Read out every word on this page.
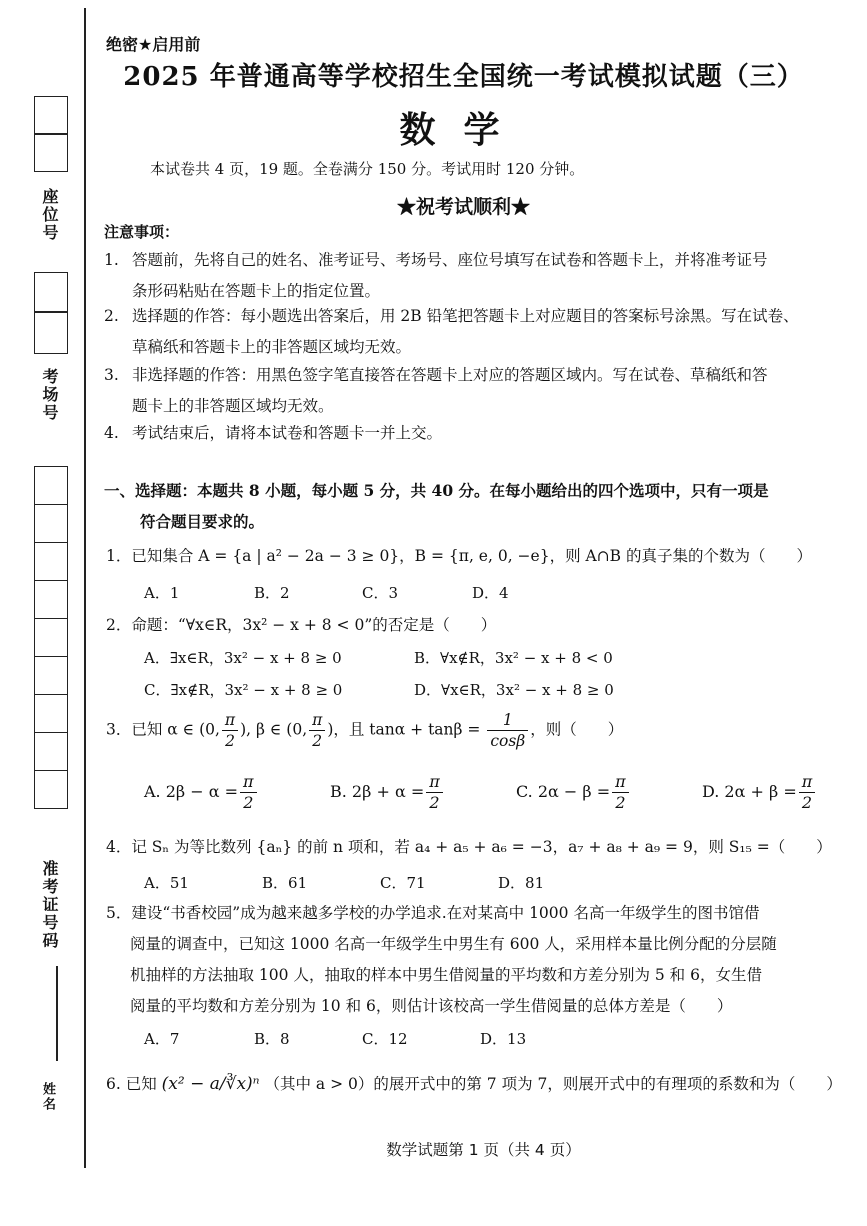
座位号
考场号
准考证号码
姓名
绝密★启用前
2025 年普通高等学校招生全国统一考试模拟试题（三）
数学
本试卷共 4 页，19 题。全卷满分 150 分。考试用时 120 分钟。
★祝考试顺利★
注意事项：
1. 答题前，先将自己的姓名、准考证号、考场号、座位号填写在试卷和答题卡上，并将准考证号
条形码粘贴在答题卡上的指定位置。
2. 选择题的作答：每小题选出答案后，用 2B 铅笔把答题卡上对应题目的答案标号涂黑。写在试卷、
草稿纸和答题卡上的非答题区域均无效。
3. 非选择题的作答：用黑色签字笔直接答在答题卡上对应的答题区域内。写在试卷、草稿纸和答
题卡上的非答题区域均无效。
4. 考试结束后，请将本试卷和答题卡一并上交。
一、选择题：本题共 8 小题，每小题 5 分，共 40 分。在每小题给出的四个选项中，只有一项是
符合题目要求的。
1．已知集合 A = {a | a² − 2a − 3 ≥ 0}，B = {π, e, 0, −e}，则 A∩B 的真子集的个数为（　　）
A．1	B．2	C．3	D．4
2．命题：“∀x∈R，3x² − x + 8 < 0”的否定是（　　）
A．∃x∈R，3x² − x + 8 ≥ 0	B．∀x∉R，3x² − x + 8 < 0
C．∃x∉R，3x² − x + 8 ≥ 0	D．∀x∈R，3x² − x + 8 ≥ 0
3．已知 α ∈ (0, $\frac{\pi}{2}$ ), β ∈ (0, $\frac{\pi}{2}$ )，且 $\tan\alpha + \tan\beta = \frac{1}{\cos\beta}$ ，则（　　）
A. $2\beta - \alpha = \frac{\pi}{2}$	B. $2\beta + \alpha = \frac{\pi}{2}$	C. $2\alpha - \beta = \frac{\pi}{2}$	D. $2\alpha + \beta = \frac{\pi}{2}$
4．记 Sₙ 为等比数列 {aₙ} 的前 n 项和，若 a₄ + a₅ + a₆ = −3，a₇ + a₈ + a₉ = 9，则 S₁₅ =（　　）
A．51	B．61	C．71	D．81
5．建设“书香校园”成为越来越多学校的办学追求.在对某高中 1000 名高一年级学生的图书馆借
阅量的调查中，已知这 1000 名高一年级学生中男生有 600 人，采用样本量比例分配的分层随
机抽样的方法抽取 100 人，抽取的样本中男生借阅量的平均数和方差分别为 5 和 6，女生借
阅量的平均数和方差分别为 10 和 6，则估计该校高一学生借阅量的总体方差是（　　）
A．7	B．8	C．12	D．13
6. 已知 (x² − a/∛x)ⁿ （其中 a > 0）的展开式中的第 7 项为 7，则展开式中的有理项的系数和为（　　）
数学试题第 1 页（共 4 页）
